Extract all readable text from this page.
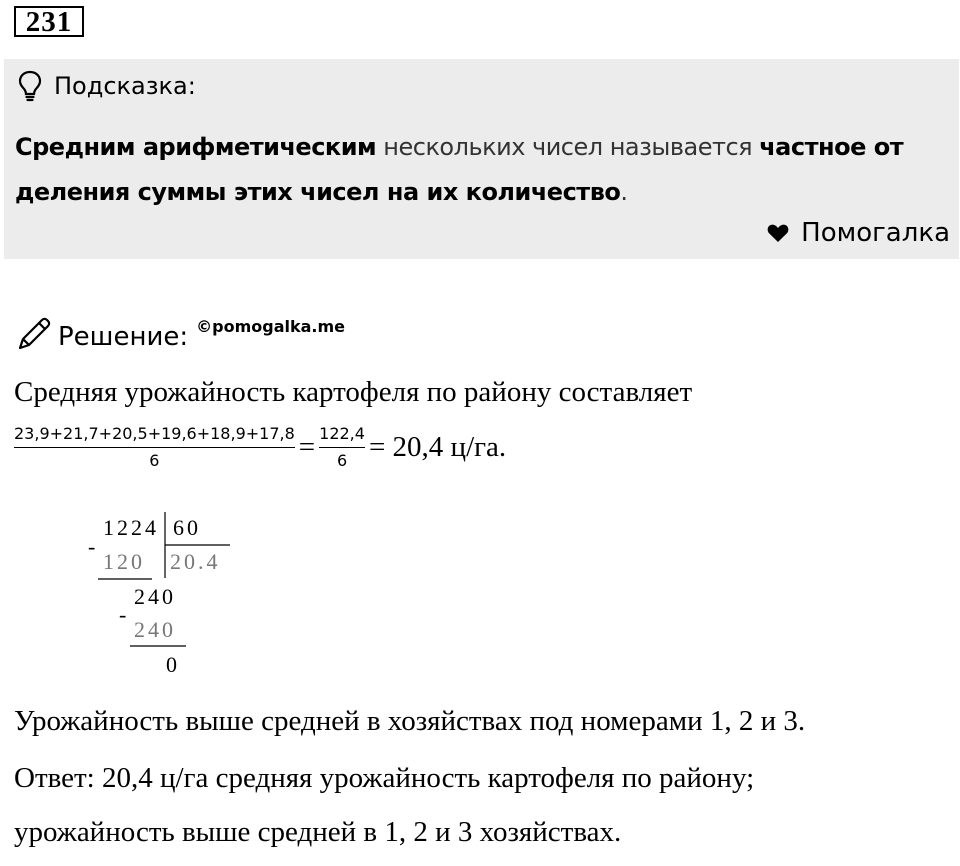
231
Подсказка:
Средним арифметическим нескольких чисел называется частное от деления суммы этих чисел на их количество.
Помогалка
Решение: ©pomogalka.me
Средняя урожайность картофеля по району составляет
$\frac{23,9+21,7+20,5+19,6+18,9+17,8}{6} = \frac{122,4}{6} = 20,4$ ц/га.
1224 60
-
120 20.4
240
-
240
0
Урожайность выше средней в хозяйствах под номерами 1, 2 и 3.
Ответ: 20,4 ц/га средняя урожайность картофеля по району;
урожайность выше средней в 1, 2 и 3 хозяйствах.
